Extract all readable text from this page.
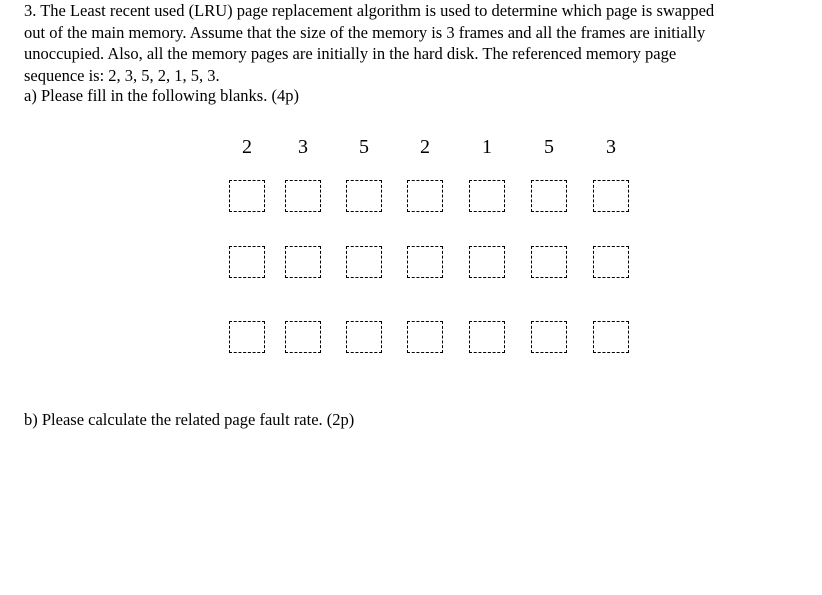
3. The Least recent used (LRU) page replacement algorithm is used to determine which page is swapped
out of the main memory. Assume that the size of the memory is 3 frames and all the frames are initially
unoccupied. Also, all the memory pages are initially in the hard disk. The referenced memory page
sequence is: 2, 3, 5, 2, 1, 5, 3.
a) Please fill in the following blanks. (4p)
2 3	5	2	1	5	3
b) Please calculate the related page fault rate. (2p)
